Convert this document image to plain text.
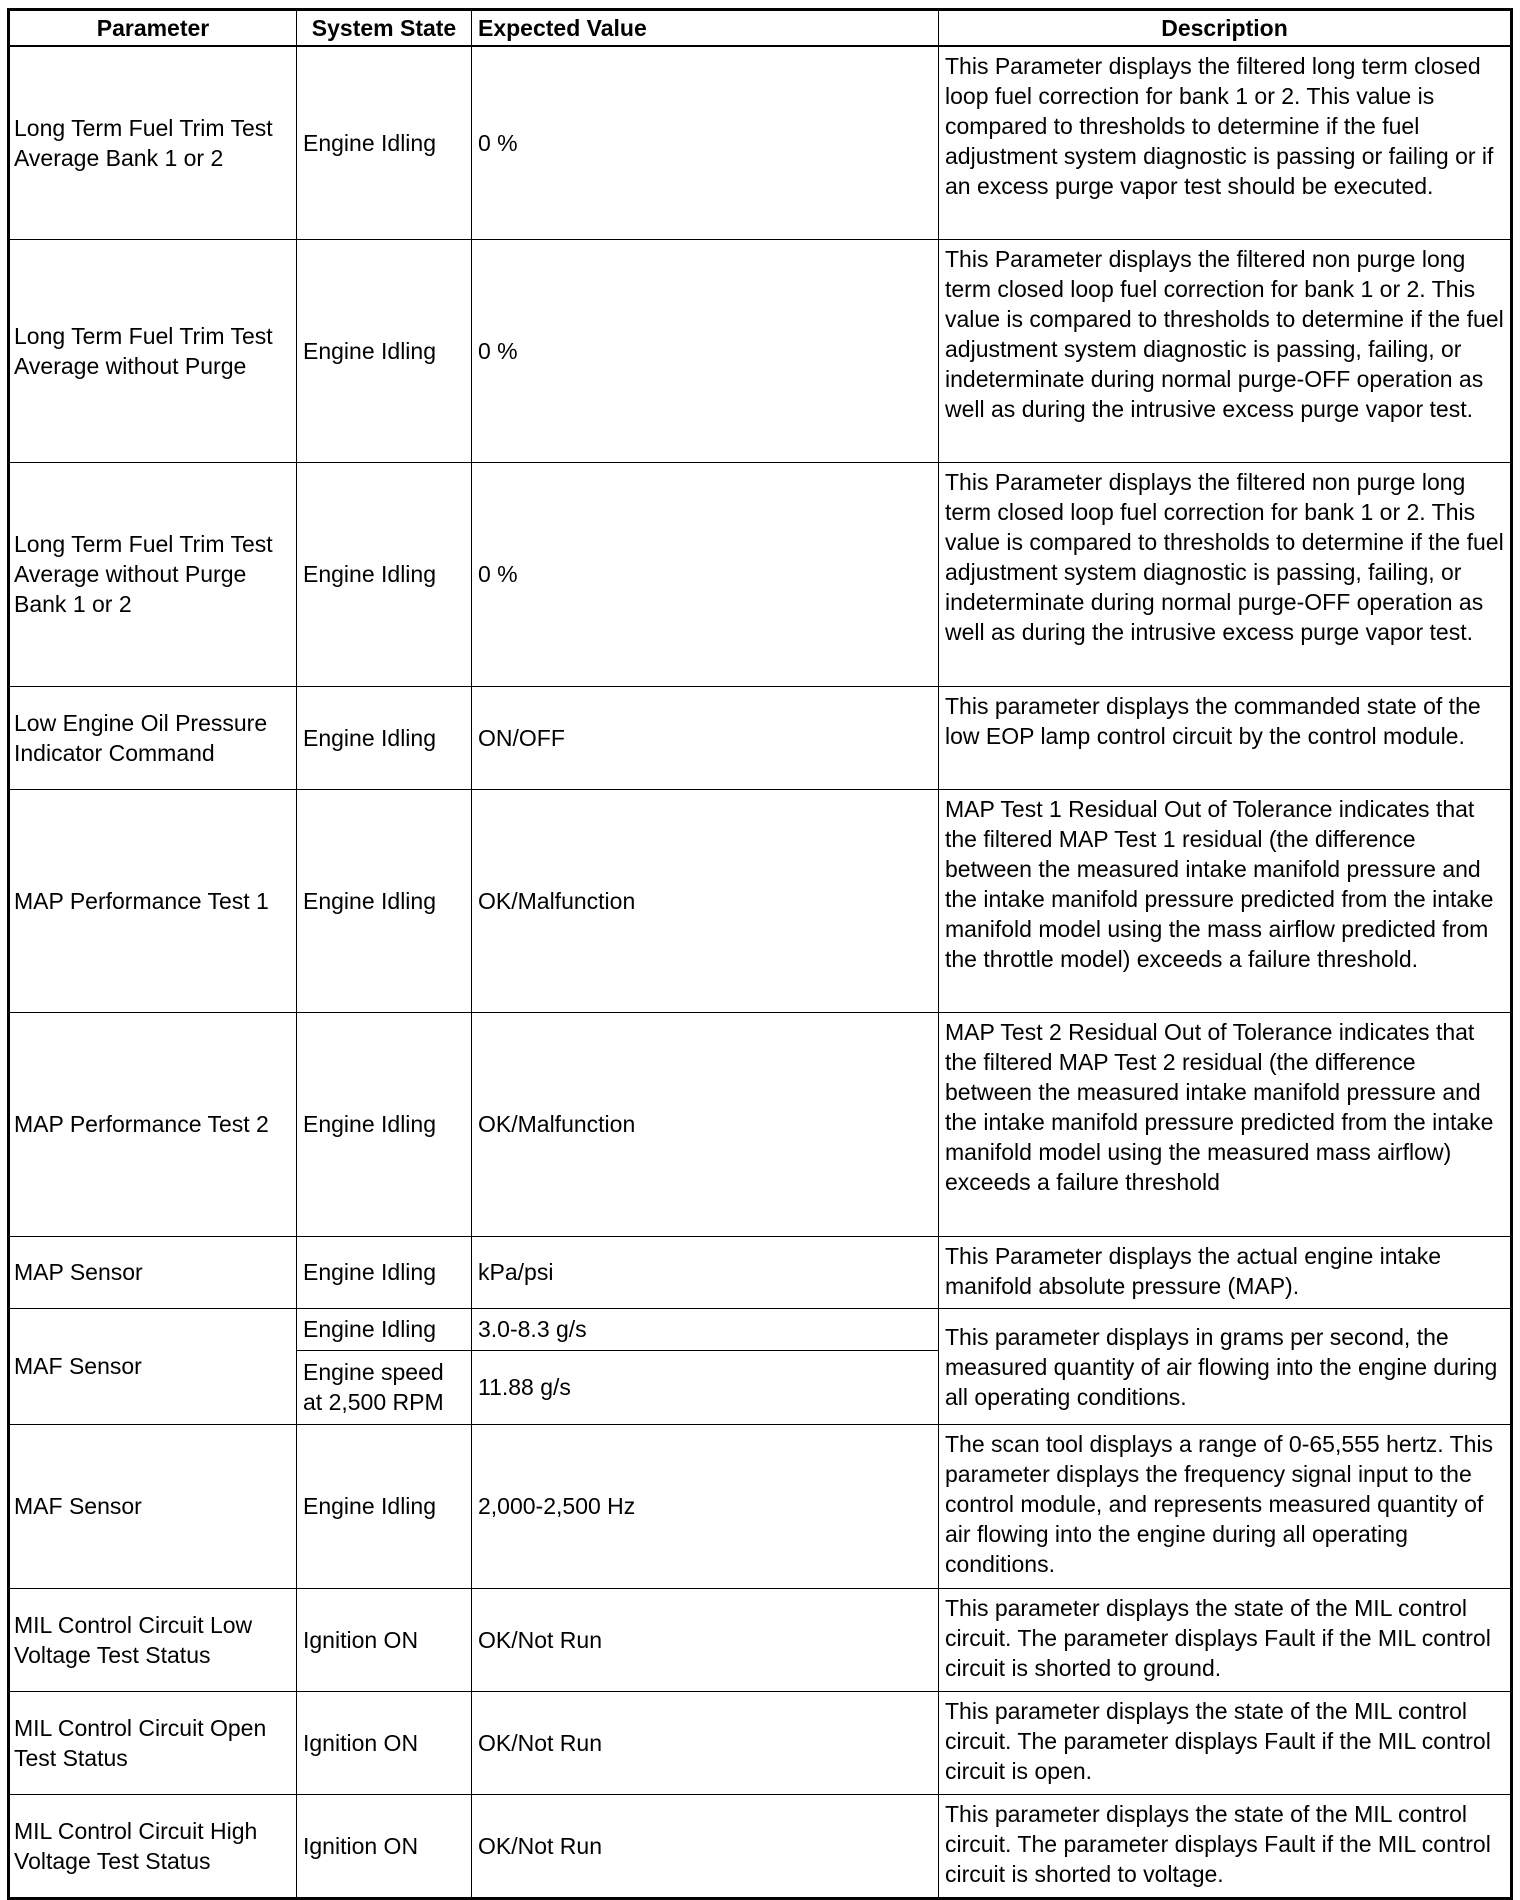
Parameter	System State	Expected Value	Description
Long Term Fuel Trim Test Average Bank 1 or 2	Engine Idling	0 %	This Parameter displays the filtered long term closed loop fuel correction for bank 1 or 2. This value is compared to thresholds to determine if the fuel adjustment system diagnostic is passing or failing or if an excess purge vapor test should be executed.
Long Term Fuel Trim Test Average without Purge	Engine Idling	0 %	This Parameter displays the filtered non purge long term closed loop fuel correction for bank 1 or 2. This value is compared to thresholds to determine if the fuel adjustment system diagnostic is passing, failing, or indeterminate during normal purge-OFF operation as well as during the intrusive excess purge vapor test.
Long Term Fuel Trim Test Average without Purge Bank 1 or 2	Engine Idling	0 %	This Parameter displays the filtered non purge long term closed loop fuel correction for bank 1 or 2. This value is compared to thresholds to determine if the fuel adjustment system diagnostic is passing, failing, or indeterminate during normal purge-OFF operation as well as during the intrusive excess purge vapor test.
Low Engine Oil Pressure Indicator Command	Engine Idling	ON/OFF	This parameter displays the commanded state of the low EOP lamp control circuit by the control module.
MAP Performance Test 1	Engine Idling	OK/Malfunction	MAP Test 1 Residual Out of Tolerance indicates that the filtered MAP Test 1 residual (the difference between the measured intake manifold pressure and the intake manifold pressure predicted from the intake manifold model using the mass airflow predicted from the throttle model) exceeds a failure threshold.
MAP Performance Test 2	Engine Idling	OK/Malfunction	MAP Test 2 Residual Out of Tolerance indicates that the filtered MAP Test 2 residual (the difference between the measured intake manifold pressure and the intake manifold pressure predicted from the intake manifold model using the measured mass airflow) exceeds a failure threshold
MAP Sensor	Engine Idling	kPa/psi	This Parameter displays the actual engine intake manifold absolute pressure (MAP).
MAF Sensor	Engine Idling	3.0-8.3 g/s	This parameter displays in grams per second, the measured quantity of air flowing into the engine during all operating conditions.
	Engine speed at 2,500 RPM	11.88 g/s	
MAF Sensor	Engine Idling	2,000-2,500 Hz	The scan tool displays a range of 0-65,555 hertz. This parameter displays the frequency signal input to the control module, and represents measured quantity of air flowing into the engine during all operating conditions.
MIL Control Circuit Low Voltage Test Status	Ignition ON	OK/Not Run	This parameter displays the state of the MIL control circuit. The parameter displays Fault if the MIL control circuit is shorted to ground.
MIL Control Circuit Open Test Status	Ignition ON	OK/Not Run	This parameter displays the state of the MIL control circuit. The parameter displays Fault if the MIL control circuit is open.
MIL Control Circuit High Voltage Test Status	Ignition ON	OK/Not Run	This parameter displays the state of the MIL control circuit. The parameter displays Fault if the MIL control circuit is shorted to voltage.
